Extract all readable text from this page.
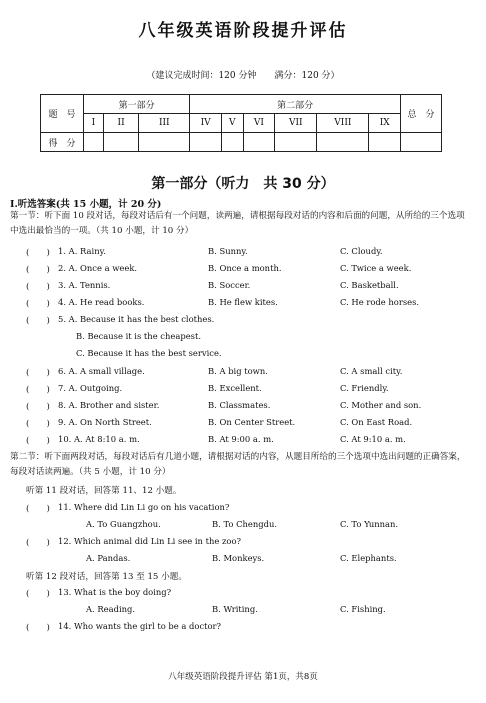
八年级英语阶段提升评估
（建议完成时间：120 分钟　　满分：120 分）
题　号	第一部分			第二部分						总　分
	I	II	III	IV	V	VI	VII	VIII	IX	
得　分										
第一部分（听力　共 30 分）
Ⅰ.听选答案(共 15 小题，计 20 分)
第一节：听下面 10 段对话，每段对话后有一个问题，读两遍，请根据每段对话的内容和后面的问题，从所给的三个选项中选出最恰当的一项。（共 10 小题，计 10 分）
(　　) 1. A. Rainy.	B. Sunny.	C. Cloudy.
(　　) 2. A. Once a week.	B. Once a month.	C. Twice a week.
(　　) 3. A. Tennis.	B. Soccer.	C. Basketball.
(　　) 4. A. He read books.	B. He flew kites.	C. He rode horses.
(　　) 5. A. Because it has the best clothes.
B. Because it is the cheapest.
C. Because it has the best service.
(　　) 6. A. A small village.	B. A big town.	C. A small city.
(　　) 7. A. Outgoing.	B. Excellent.	C. Friendly.
(　　) 8. A. Brother and sister.	B. Classmates.	C. Mother and son.
(　　) 9. A. On North Street.	B. On Center Street.	C. On East Road.
(　　) 10. A. At 8:10 a. m.	B. At 9:00 a. m.	C. At 9:10 a. m.
第二节：听下面两段对话，每段对话后有几道小题，请根据对话的内容，从题目所给的三个选项中选出问题的正确答案，每段对话读两遍。（共 5 小题，计 10 分）
听第 11 段对话，回答第 11、12 小题。
(　　) 11. Where did Lin Li go on his vacation?
A. To Guangzhou.	B. To Chengdu.	C. To Yunnan.
(　　) 12. Which animal did Lin Li see in the zoo?
A. Pandas.	B. Monkeys.	C. Elephants.
听第 12 段对话，回答第 13 至 15 小题。
(　　) 13. What is the boy doing?
A. Reading.	B. Writing.	C. Fishing.
(　　) 14. Who wants the girl to be a doctor?
八年级英语阶段提升评估 第1页，共8页
